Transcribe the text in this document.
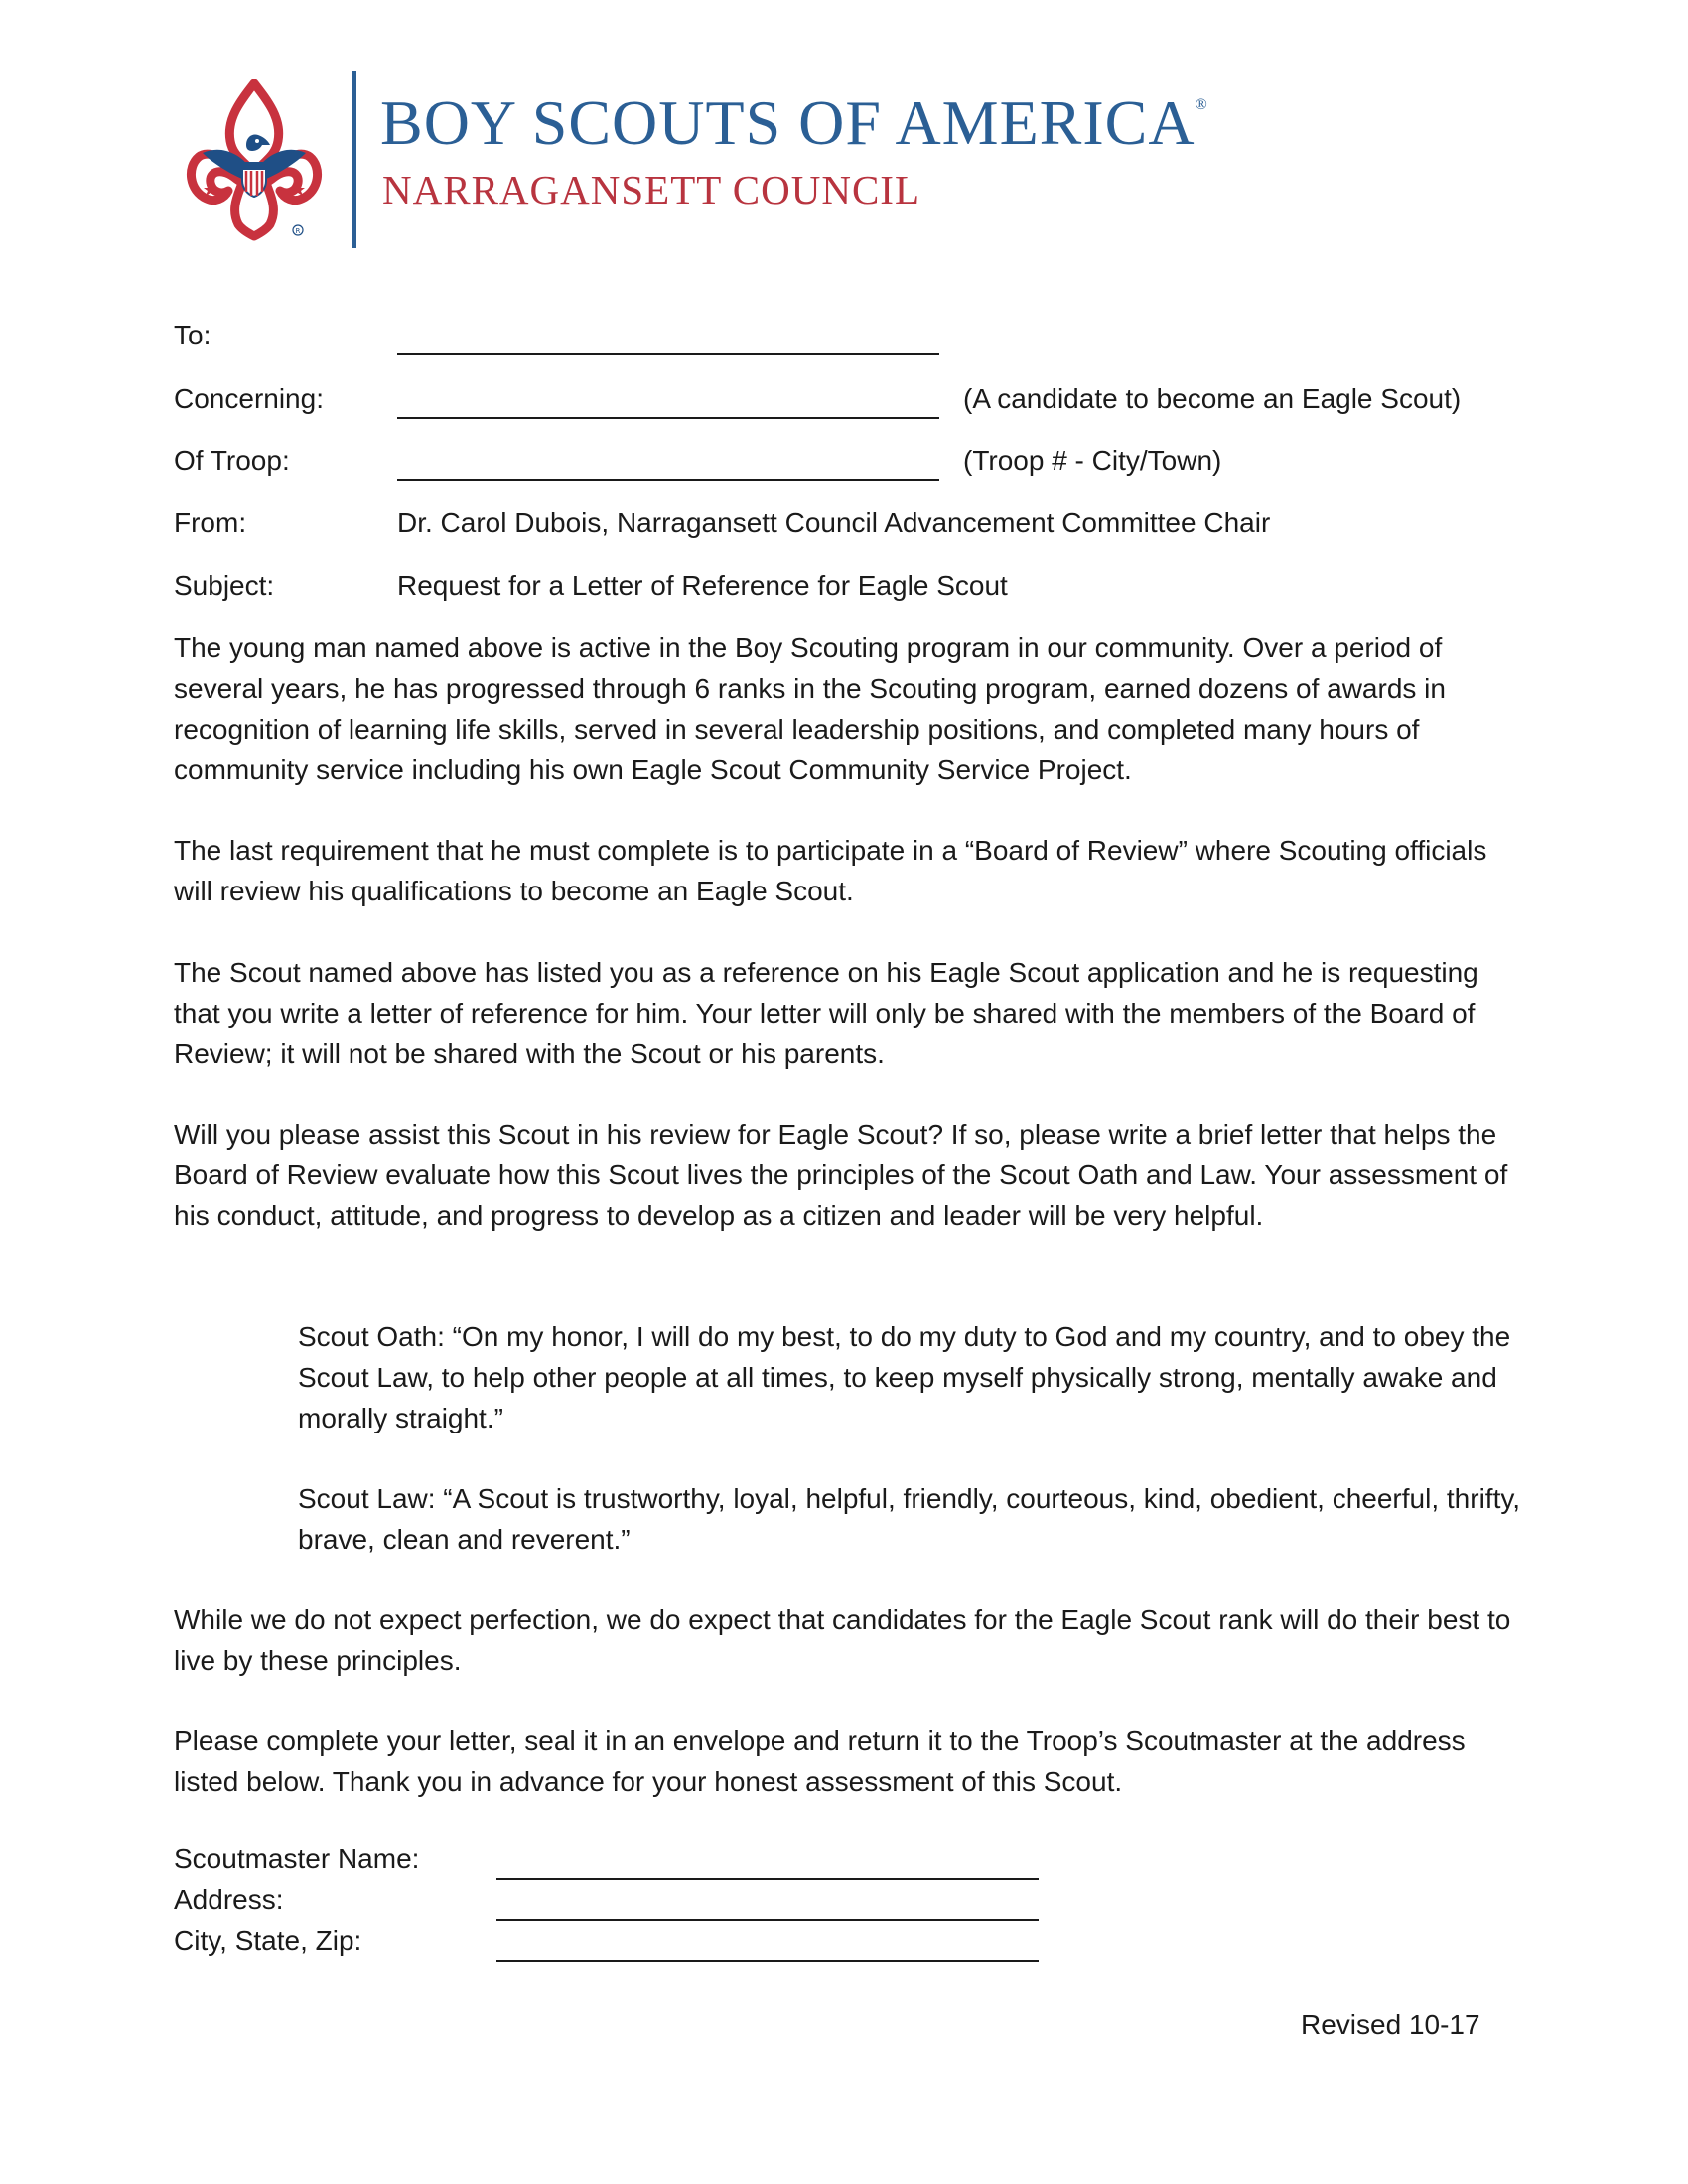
R
BOY SCOUTS OF AMERICA®
NARRAGANSETT COUNCIL
To:
Concerning:	(A candidate to become an Eagle Scout)
Of Troop:	(Troop # - City/Town)
From:	Dr. Carol Dubois, Narragansett Council Advancement Committee Chair
Subject:	Request for a Letter of Reference for Eagle Scout

The young man named above is active in the Boy Scouting program in our community. Over a period of several years, he has progressed through 6 ranks in the Scouting program, earned dozens of awards in recognition of learning life skills, served in several leadership positions, and completed many hours of community service including his own Eagle Scout Community Service Project.

The last requirement that he must complete is to participate in a “Board of Review” where Scouting officials will review his qualifications to become an Eagle Scout.

The Scout named above has listed you as a reference on his Eagle Scout application and he is requesting that you write a letter of reference for him. Your letter will only be shared with the members of the Board of Review; it will not be shared with the Scout or his parents.

Will you please assist this Scout in his review for Eagle Scout? If so, please write a brief letter that helps the Board of Review evaluate how this Scout lives the principles of the Scout Oath and Law. Your assessment of his conduct, attitude, and progress to develop as a citizen and leader will be very helpful.

Scout Oath: “On my honor, I will do my best, to do my duty to God and my country, and to obey the Scout Law, to help other people at all times, to keep myself physically strong, mentally awake and morally straight.”

Scout Law: “A Scout is trustworthy, loyal, helpful, friendly, courteous, kind, obedient, cheerful, thrifty, brave, clean and reverent.”

While we do not expect perfection, we do expect that candidates for the Eagle Scout rank will do their best to live by these principles.

Please complete your letter, seal it in an envelope and return it to the Troop’s Scoutmaster at the address listed below. Thank you in advance for your honest assessment of this Scout.

Scoutmaster Name:
Address:
City, State, Zip:
Revised 10-17
